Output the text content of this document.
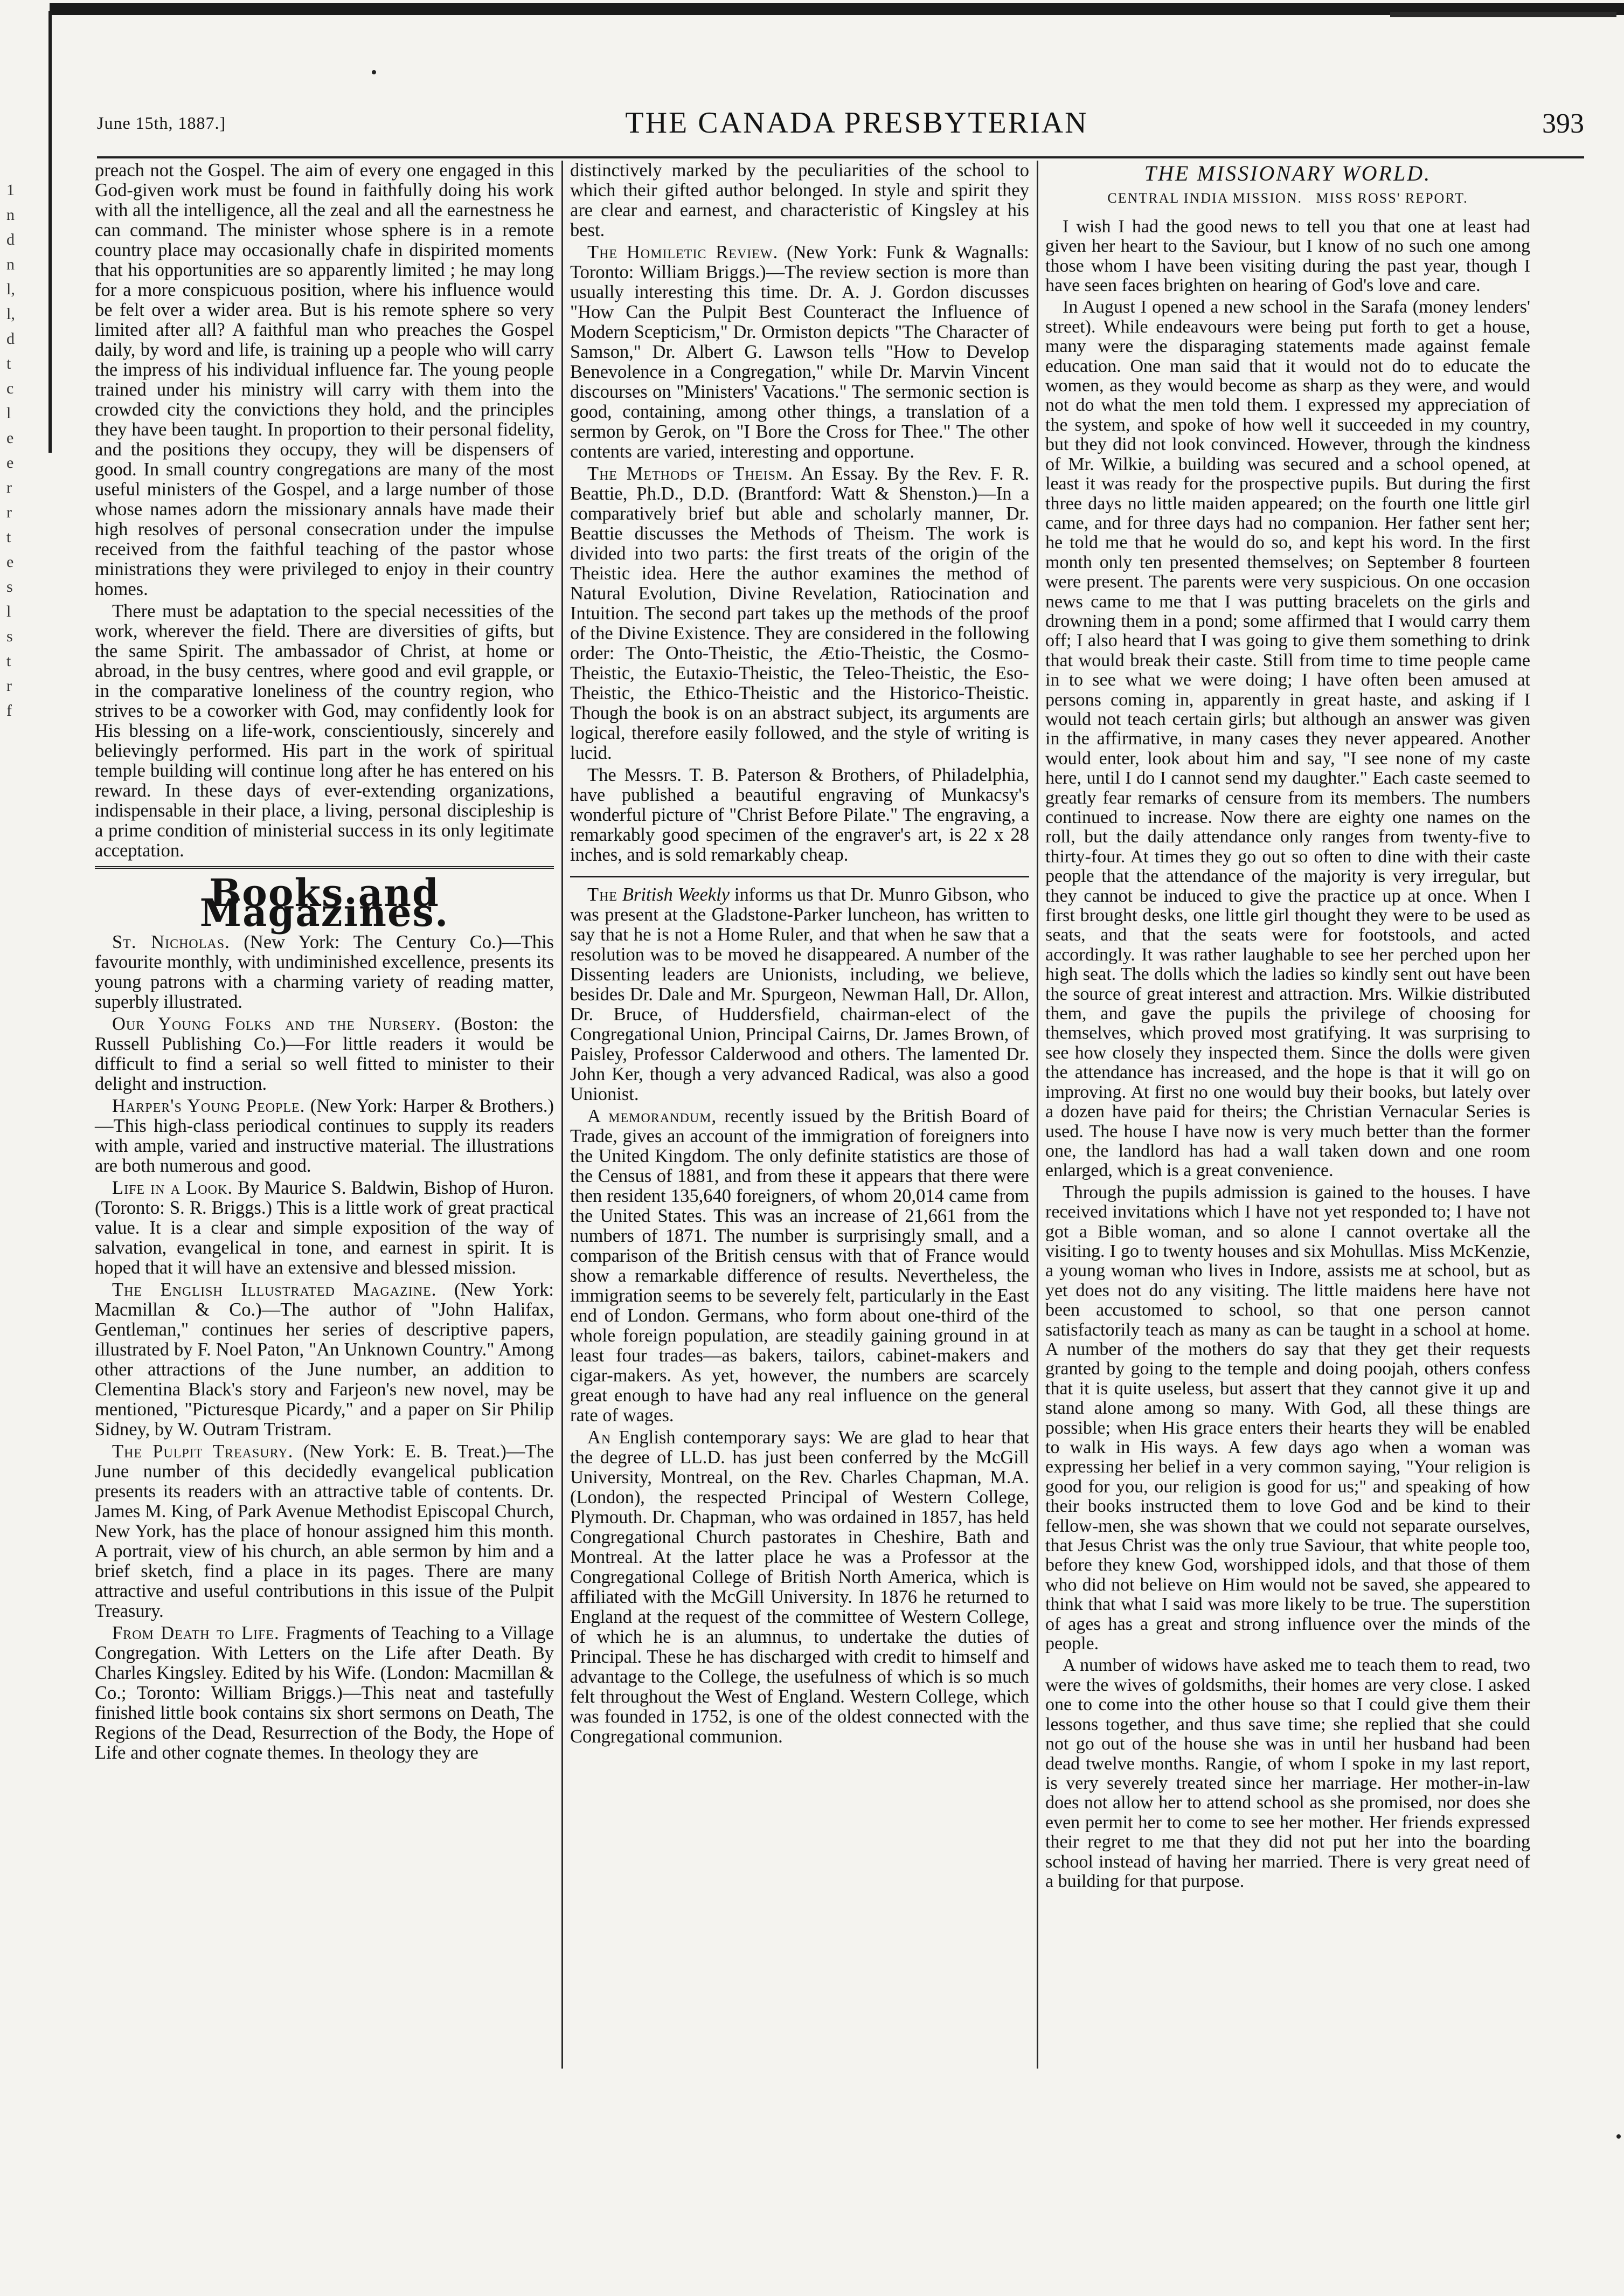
1
n
d
n
l,
l,
d
t
c
l
e
e
r
r
t
e
s
l
s
t
r
f
June 15th, 1887.]	THE CANADA PRESBYTERIAN	393

preach not the Gospel. The aim of every one engaged in this God-given work must be found in faithfully doing his work with all the intelligence, all the zeal and all the earnestness he can command. The minister whose sphere is in a remote country place may occasionally chafe in dispirited moments that his opportunities are so apparently limited ; he may long for a more conspicuous position, where his influence would be felt over a wider area. But is his remote sphere so very limited after all? A faithful man who preaches the Gospel daily, by word and life, is training up a people who will carry the impress of his individual influence far. The young people trained under his ministry will carry with them into the crowded city the convictions they hold, and the principles they have been taught. In proportion to their personal fidelity, and the positions they occupy, they will be dispensers of good. In small country congregations are many of the most useful ministers of the Gospel, and a large number of those whose names adorn the missionary annals have made their high resolves of personal consecration under the impulse received from the faithful teaching of the pastor whose ministrations they were privileged to enjoy in their country homes.

There must be adaptation to the special necessities of the work, wherever the field. There are diversities of gifts, but the same Spirit. The ambassador of Christ, at home or abroad, in the busy centres, where good and evil grapple, or in the comparative loneliness of the country region, who strives to be a coworker with God, may confidently look for His blessing on a life-work, conscientiously, sincerely and believingly performed. His part in the work of spiritual temple building will continue long after he has entered on his reward. In these days of ever-extending organizations, indispensable in their place, a living, personal discipleship is a prime condition of ministerial success in its only legitimate acceptation.

Books and Magazines.

St. Nicholas. (New York: The Century Co.)—This favourite monthly, with undiminished excellence, presents its young patrons with a charming variety of reading matter, superbly illustrated.

Our Young Folks and the Nursery. (Boston: the Russell Publishing Co.)—For little readers it would be difficult to find a serial so well fitted to minister to their delight and instruction.

Harper's Young People. (New York: Harper & Brothers.)—This high-class periodical continues to supply its readers with ample, varied and instructive material. The illustrations are both numerous and good.

Life in a Look. By Maurice S. Baldwin, Bishop of Huron. (Toronto: S. R. Briggs.) This is a little work of great practical value. It is a clear and simple exposition of the way of salvation, evangelical in tone, and earnest in spirit. It is hoped that it will have an extensive and blessed mission.

The English Illustrated Magazine. (New York: Macmillan & Co.)—The author of "John Halifax, Gentleman," continues her series of descriptive papers, illustrated by F. Noel Paton, "An Unknown Country." Among other attractions of the June number, an addition to Clementina Black's story and Farjeon's new novel, may be mentioned, "Picturesque Picardy," and a paper on Sir Philip Sidney, by W. Outram Tristram.

The Pulpit Treasury. (New York: E. B. Treat.)—The June number of this decidedly evangelical publication presents its readers with an attractive table of contents. Dr. James M. King, of Park Avenue Methodist Episcopal Church, New York, has the place of honour assigned him this month. A portrait, view of his church, an able sermon by him and a brief sketch, find a place in its pages. There are many attractive and useful contributions in this issue of the Pulpit Treasury.

From Death to Life. Fragments of Teaching to a Village Congregation. With Letters on the Life after Death. By Charles Kingsley. Edited by his Wife. (London: Macmillan & Co.; Toronto: William Briggs.)—This neat and tastefully finished little book contains six short sermons on Death, The Regions of the Dead, Resurrection of the Body, the Hope of Life and other cognate themes. In theology they are

distinctively marked by the peculiarities of the school to which their gifted author belonged. In style and spirit they are clear and earnest, and characteristic of Kingsley at his best.

The Homiletic Review. (New York: Funk & Wagnalls: Toronto: William Briggs.)—The review section is more than usually interesting this time. Dr. A. J. Gordon discusses "How Can the Pulpit Best Counteract the Influence of Modern Scepticism," Dr. Ormiston depicts "The Character of Samson," Dr. Albert G. Lawson tells "How to Develop Benevolence in a Congregation," while Dr. Marvin Vincent discourses on "Ministers' Vacations." The sermonic section is good, containing, among other things, a translation of a sermon by Gerok, on "I Bore the Cross for Thee." The other contents are varied, interesting and opportune.

The Methods of Theism. An Essay. By the Rev. F. R. Beattie, Ph.D., D.D. (Brantford: Watt & Shenston.)—In a comparatively brief but able and scholarly manner, Dr. Beattie discusses the Methods of Theism. The work is divided into two parts: the first treats of the origin of the Theistic idea. Here the author examines the method of Natural Evolution, Divine Revelation, Ratiocination and Intuition. The second part takes up the methods of the proof of the Divine Existence. They are considered in the following order: The Onto-Theistic, the Ætio-Theistic, the Cosmo-Theistic, the Eutaxio-Theistic, the Teleo-Theistic, the Eso-Theistic, the Ethico-Theistic and the Historico-Theistic. Though the book is on an abstract subject, its arguments are logical, therefore easily followed, and the style of writing is lucid.

The Messrs. T. B. Paterson & Brothers, of Philadelphia, have published a beautiful engraving of Munkacsy's wonderful picture of "Christ Before Pilate." The engraving, a remarkably good specimen of the engraver's art, is 22 x 28 inches, and is sold remarkably cheap.

The British Weekly informs us that Dr. Munro Gibson, who was present at the Gladstone-Parker luncheon, has written to say that he is not a Home Ruler, and that when he saw that a resolution was to be moved he disappeared. A number of the Dissenting leaders are Unionists, including, we believe, besides Dr. Dale and Mr. Spurgeon, Newman Hall, Dr. Allon, Dr. Bruce, of Huddersfield, chairman-elect of the Congregational Union, Principal Cairns, Dr. James Brown, of Paisley, Professor Calderwood and others. The lamented Dr. John Ker, though a very advanced Radical, was also a good Unionist.

A memorandum, recently issued by the British Board of Trade, gives an account of the immigration of foreigners into the United Kingdom. The only definite statistics are those of the Census of 1881, and from these it appears that there were then resident 135,640 foreigners, of whom 20,014 came from the United States. This was an increase of 21,661 from the numbers of 1871. The number is surprisingly small, and a comparison of the British census with that of France would show a remarkable difference of results. Nevertheless, the immigration seems to be severely felt, particularly in the East end of London. Germans, who form about one-third of the whole foreign population, are steadily gaining ground in at least four trades—as bakers, tailors, cabinet-makers and cigar-makers. As yet, however, the numbers are scarcely great enough to have had any real influence on the general rate of wages.

An English contemporary says: We are glad to hear that the degree of LL.D. has just been conferred by the McGill University, Montreal, on the Rev. Charles Chapman, M.A. (London), the respected Principal of Western College, Plymouth. Dr. Chapman, who was ordained in 1857, has held Congregational Church pastorates in Cheshire, Bath and Montreal. At the latter place he was a Professor at the Congregational College of British North America, which is affiliated with the McGill University. In 1876 he returned to England at the request of the committee of Western College, of which he is an alumnus, to undertake the duties of Principal. These he has discharged with credit to himself and advantage to the College, the usefulness of which is so much felt throughout the West of England. Western College, which was founded in 1752, is one of the oldest connected with the Congregational communion.

THE MISSIONARY WORLD.
CENTRAL INDIA MISSION. MISS ROSS' REPORT.

I wish I had the good news to tell you that one at least had given her heart to the Saviour, but I know of no such one among those whom I have been visiting during the past year, though I have seen faces brighten on hearing of God's love and care.

In August I opened a new school in the Sarafa (money lenders' street). While endeavours were being put forth to get a house, many were the disparaging statements made against female education. One man said that it would not do to educate the women, as they would become as sharp as they were, and would not do what the men told them. I expressed my appreciation of the system, and spoke of how well it succeeded in my country, but they did not look convinced. However, through the kindness of Mr. Wilkie, a building was secured and a school opened, at least it was ready for the prospective pupils. But during the first three days no little maiden appeared; on the fourth one little girl came, and for three days had no companion. Her father sent her; he told me that he would do so, and kept his word. In the first month only ten presented themselves; on September 8 fourteen were present. The parents were very suspicious. On one occasion news came to me that I was putting bracelets on the girls and drowning them in a pond; some affirmed that I would carry them off; I also heard that I was going to give them something to drink that would break their caste. Still from time to time people came in to see what we were doing; I have often been amused at persons coming in, apparently in great haste, and asking if I would not teach certain girls; but although an answer was given in the affirmative, in many cases they never appeared. Another would enter, look about him and say, "I see none of my caste here, until I do I cannot send my daughter." Each caste seemed to greatly fear remarks of censure from its members. The numbers continued to increase. Now there are eighty one names on the roll, but the daily attendance only ranges from twenty-five to thirty-four. At times they go out so often to dine with their caste people that the attendance of the majority is very irregular, but they cannot be induced to give the practice up at once. When I first brought desks, one little girl thought they were to be used as seats, and that the seats were for footstools, and acted accordingly. It was rather laughable to see her perched upon her high seat. The dolls which the ladies so kindly sent out have been the source of great interest and attraction. Mrs. Wilkie distributed them, and gave the pupils the privilege of choosing for themselves, which proved most gratifying. It was surprising to see how closely they inspected them. Since the dolls were given the attendance has increased, and the hope is that it will go on improving. At first no one would buy their books, but lately over a dozen have paid for theirs; the Christian Vernacular Series is used. The house I have now is very much better than the former one, the landlord has had a wall taken down and one room enlarged, which is a great convenience.

Through the pupils admission is gained to the houses. I have received invitations which I have not yet responded to; I have not got a Bible woman, and so alone I cannot overtake all the visiting. I go to twenty houses and six Mohullas. Miss McKenzie, a young woman who lives in Indore, assists me at school, but as yet does not do any visiting. The little maidens here have not been accustomed to school, so that one person cannot satisfactorily teach as many as can be taught in a school at home. A number of the mothers do say that they get their requests granted by going to the temple and doing poojah, others confess that it is quite useless, but assert that they cannot give it up and stand alone among so many. With God, all these things are possible; when His grace enters their hearts they will be enabled to walk in His ways. A few days ago when a woman was expressing her belief in a very common saying, "Your religion is good for you, our religion is good for us;" and speaking of how their books instructed them to love God and be kind to their fellow-men, she was shown that we could not separate ourselves, that Jesus Christ was the only true Saviour, that white people too, before they knew God, worshipped idols, and that those of them who did not believe on Him would not be saved, she appeared to think that what I said was more likely to be true. The superstition of ages has a great and strong influence over the minds of the people.

A number of widows have asked me to teach them to read, two were the wives of goldsmiths, their homes are very close. I asked one to come into the other house so that I could give them their lessons together, and thus save time; she replied that she could not go out of the house she was in until her husband had been dead twelve months. Rangie, of whom I spoke in my last report, is very severely treated since her marriage. Her mother-in-law does not allow her to attend school as she promised, nor does she even permit her to come to see her mother. Her friends expressed their regret to me that they did not put her into the boarding school instead of having her married. There is very great need of a building for that purpose.
